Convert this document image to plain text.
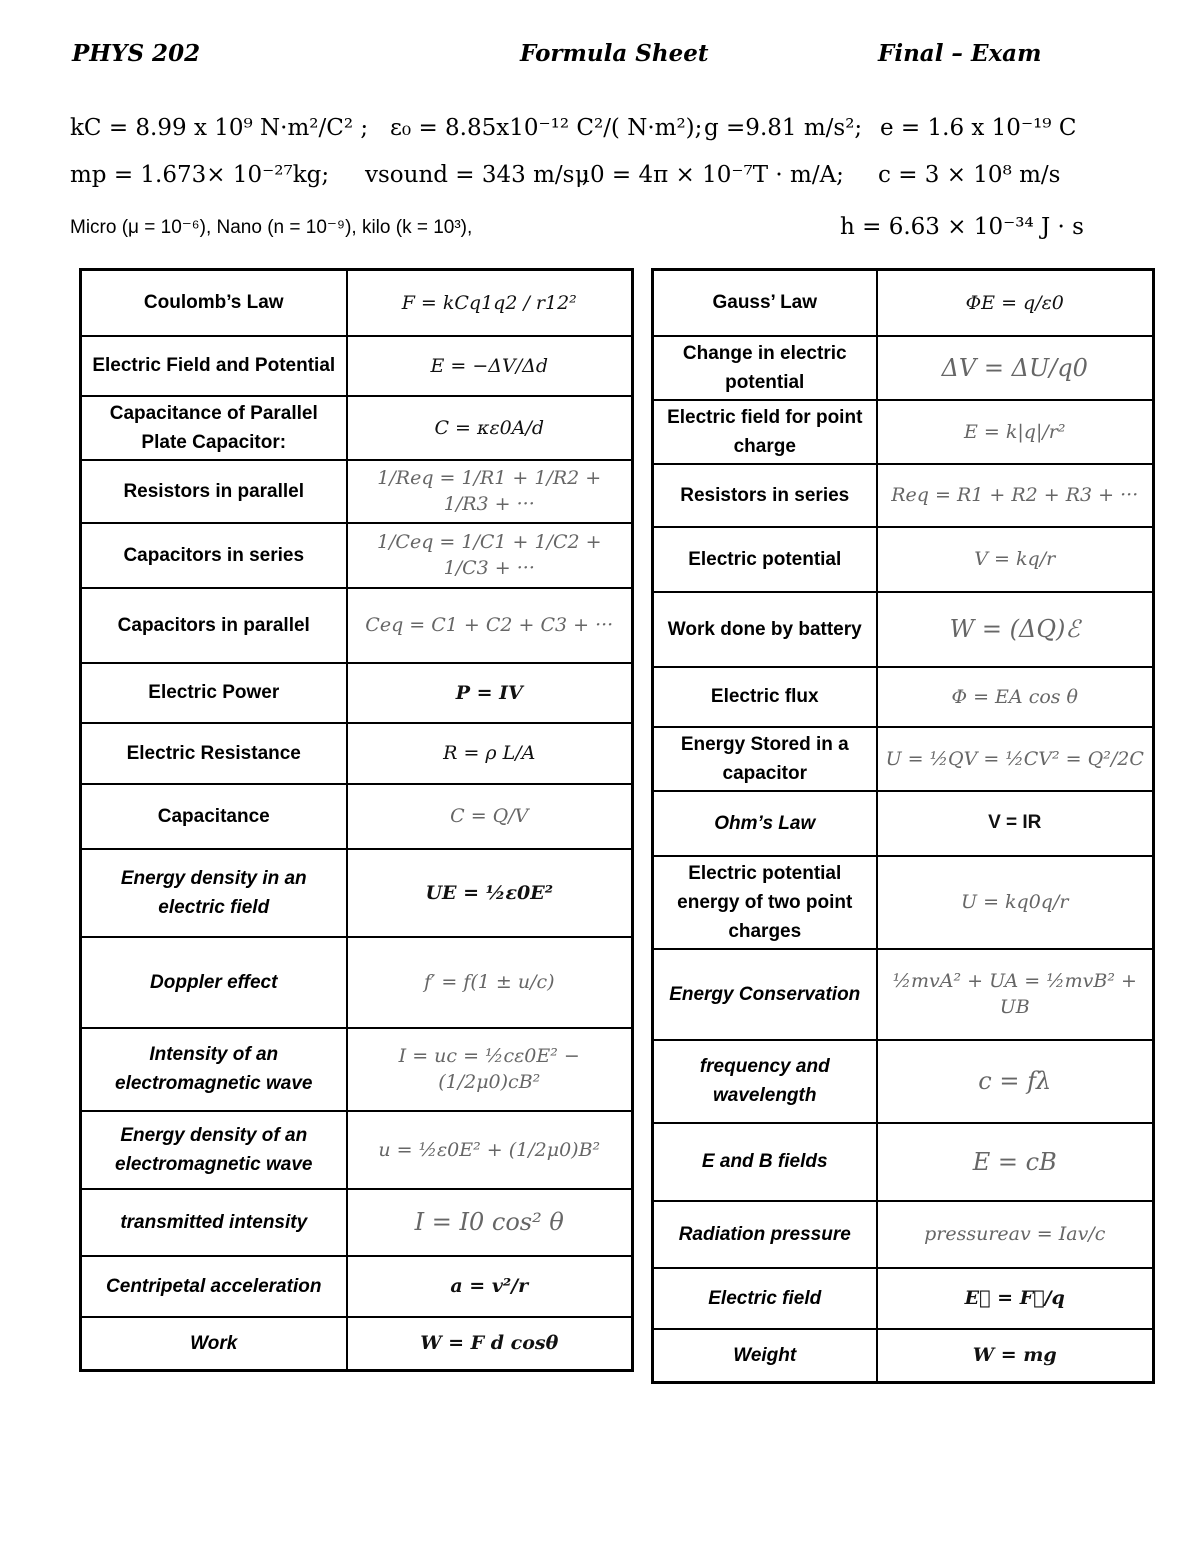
PHYS 202	Formula Sheet	Final – Exam
kC = 8.99 x 10⁹ N·m²/C² ; ε₀ = 8.85x10⁻¹² C²/( N·m²); g =9.81 m/s²; e = 1.6 x 10⁻¹⁹ C
mp = 1.673× 10⁻²⁷kg; vsound = 343 m/s ;
μ0 = 4π × 10⁻⁷T · m/A; c = 3 × 10⁸ m/s
Micro (μ = 10⁻⁶), Nano (n = 10⁻⁹), kilo (k = 10³),	h = 6.63 × 10⁻³⁴ J · s
Coulomb’s Law	F = kCq1q2 / r12²
Electric Field and Potential	E = −ΔV/Δd
Capacitance of Parallel Plate Capacitor:	C = κε0A/d
Resistors in parallel	1/Req = 1/R1 + 1/R2 + 1/R3 + ···
Capacitors in series	1/Ceq = 1/C1 + 1/C2 + 1/C3 + ···
Capacitors in parallel	Ceq = C1 + C2 + C3 + ···
Electric Power	P = IV
Electric Resistance	R = ρ L/A
Capacitance	C = Q/V
Energy density in an electric field	UE = ½ε0E²
Doppler effect	f′ = f(1 ± u/c)
Intensity of an electromagnetic wave	I = uc = ½cε0E² − (1/2μ0)cB²
Energy density of an electromagnetic wave	u = ½ε0E² + (1/2μ0)B²
transmitted intensity	I = I0 cos² θ
Centripetal acceleration	a = v²/r
Work	W = F d cosθ
Gauss’ Law	ΦE = q/ε0
Change in electric potential	ΔV = ΔU/q0
Electric field for point charge	E = k|q|/r²
Resistors in series	Req = R1 + R2 + R3 + ···
Electric potential	V = kq/r
Work done by battery	W = (ΔQ)ℰ
Electric flux	Φ = EA cos θ
Energy Stored in a capacitor	U = ½QV = ½CV² = Q²/2C
Ohm’s Law	V = IR
Electric potential energy of two point charges	U = kq0q/r
Energy Conservation	½mvA² + UA = ½mvB² + UB
frequency and wavelength	c = fλ
E and B fields	E = cB
Radiation pressure	pressureav = Iav/c
Electric field	E⃗ = F⃗/q
Weight	W = mg
